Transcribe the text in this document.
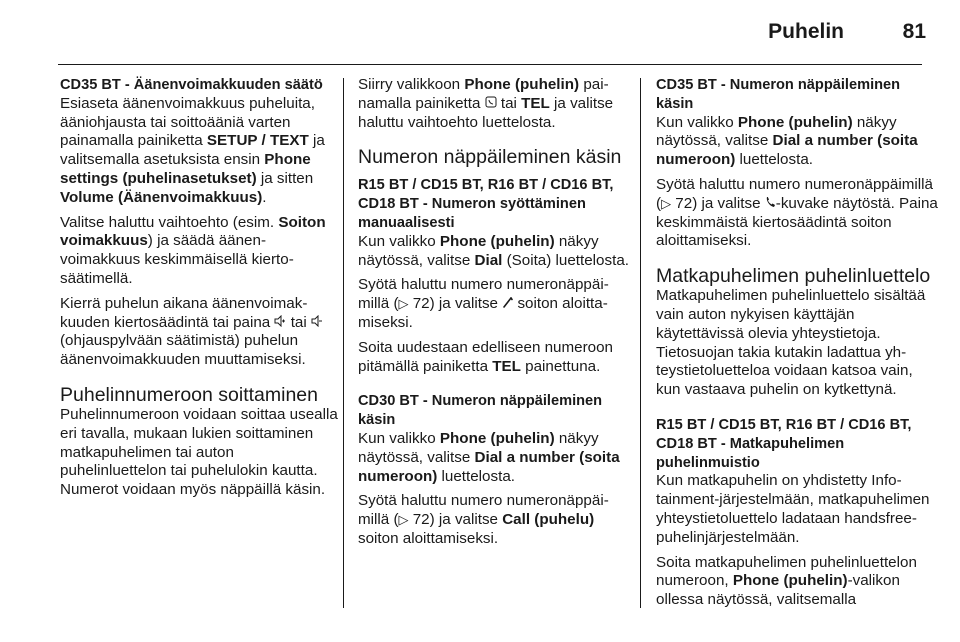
Puhelin	81
CD35 BT - Äänenvoimakkuuden säätö

Esiaseta äänenvoimakkuus puheluita, ääniohjausta tai soittoääniä varten painamalla painiketta SETUP / TEXT ja valitsemalla asetuksista ensin Phone settings (puhelinasetukset) ja sitten Volume (Äänenvoimakkuus).

Valitse haluttu vaihtoehto (esim. Soiton voimakkuus) ja säädä äänenvoimakkuus keskimmäisellä kiertosäätimellä.

Kierrä puhelun aikana äänenvoimakkuuden kiertosäädintä tai paina  tai  (ohjauspylvään säätimistä) puhelun äänenvoimakkuuden muuttamiseksi.

Puhelinnumeroon soittaminen

Puhelinnumeroon voidaan soittaa usealla eri tavalla, mukaan lukien soittaminen matkapuhelimen tai auton puhelinluettelon tai puhelulokin kautta. Numerot voidaan myös näppäillä käsin.

Siirry valikkoon Phone (puhelin) painamalla painiketta  tai TEL ja valitse haluttu vaihtoehto luettelosta.

Numeron näppäileminen käsin
R15 BT / CD15 BT, R16 BT / CD16 BT, CD18 BT - Numeron syöttäminen manuaalisesti

Kun valikko Phone (puhelin) näkyy näytössä, valitse Dial (Soita) luettelosta.

Syötä haluttu numero numeronäppäimillä (▷ 72) ja valitse  soiton aloittamiseksi.

Soita uudestaan edelliseen numeroon pitämällä painiketta TEL painettuna.

CD30 BT - Numeron näppäileminen käsin

Kun valikko Phone (puhelin) näkyy näytössä, valitse Dial a number (soita numeroon) luettelosta.

Syötä haluttu numero numeronäppäimillä (▷ 72) ja valitse Call (puhelu) soiton aloittamiseksi.

CD35 BT - Numeron näppäileminen käsin

Kun valikko Phone (puhelin) näkyy näytössä, valitse Dial a number (soita numeroon) luettelosta.

Syötä haluttu numero numeronäppäimillä (▷ 72) ja valitse -kuvake näytöstä. Paina keskimmäistä kiertosäädintä soiton aloittamiseksi.

Matkapuhelimen puhelinluettelo

Matkapuhelimen puhelinluettelo sisältää vain auton nykyisen käyttäjän käytettävissä olevia yhteystietoja. Tietosuojan takia kutakin ladattua yhteystietoluetteloa voidaan katsoa vain, kun vastaava puhelin on kytkettynä.

R15 BT / CD15 BT, R16 BT / CD16 BT, CD18 BT - Matkapuhelimen puhelinmuistio

Kun matkapuhelin on yhdistetty Infotainment-järjestelmään, matkapuhelimen yhteystietoluettelo ladataan handsfree-puhelinjärjestelmään.

Soita matkapuhelimen puhelinluettelon numeroon, Phone (puhelin)-valikon ollessa näytössä, valitsemalla
